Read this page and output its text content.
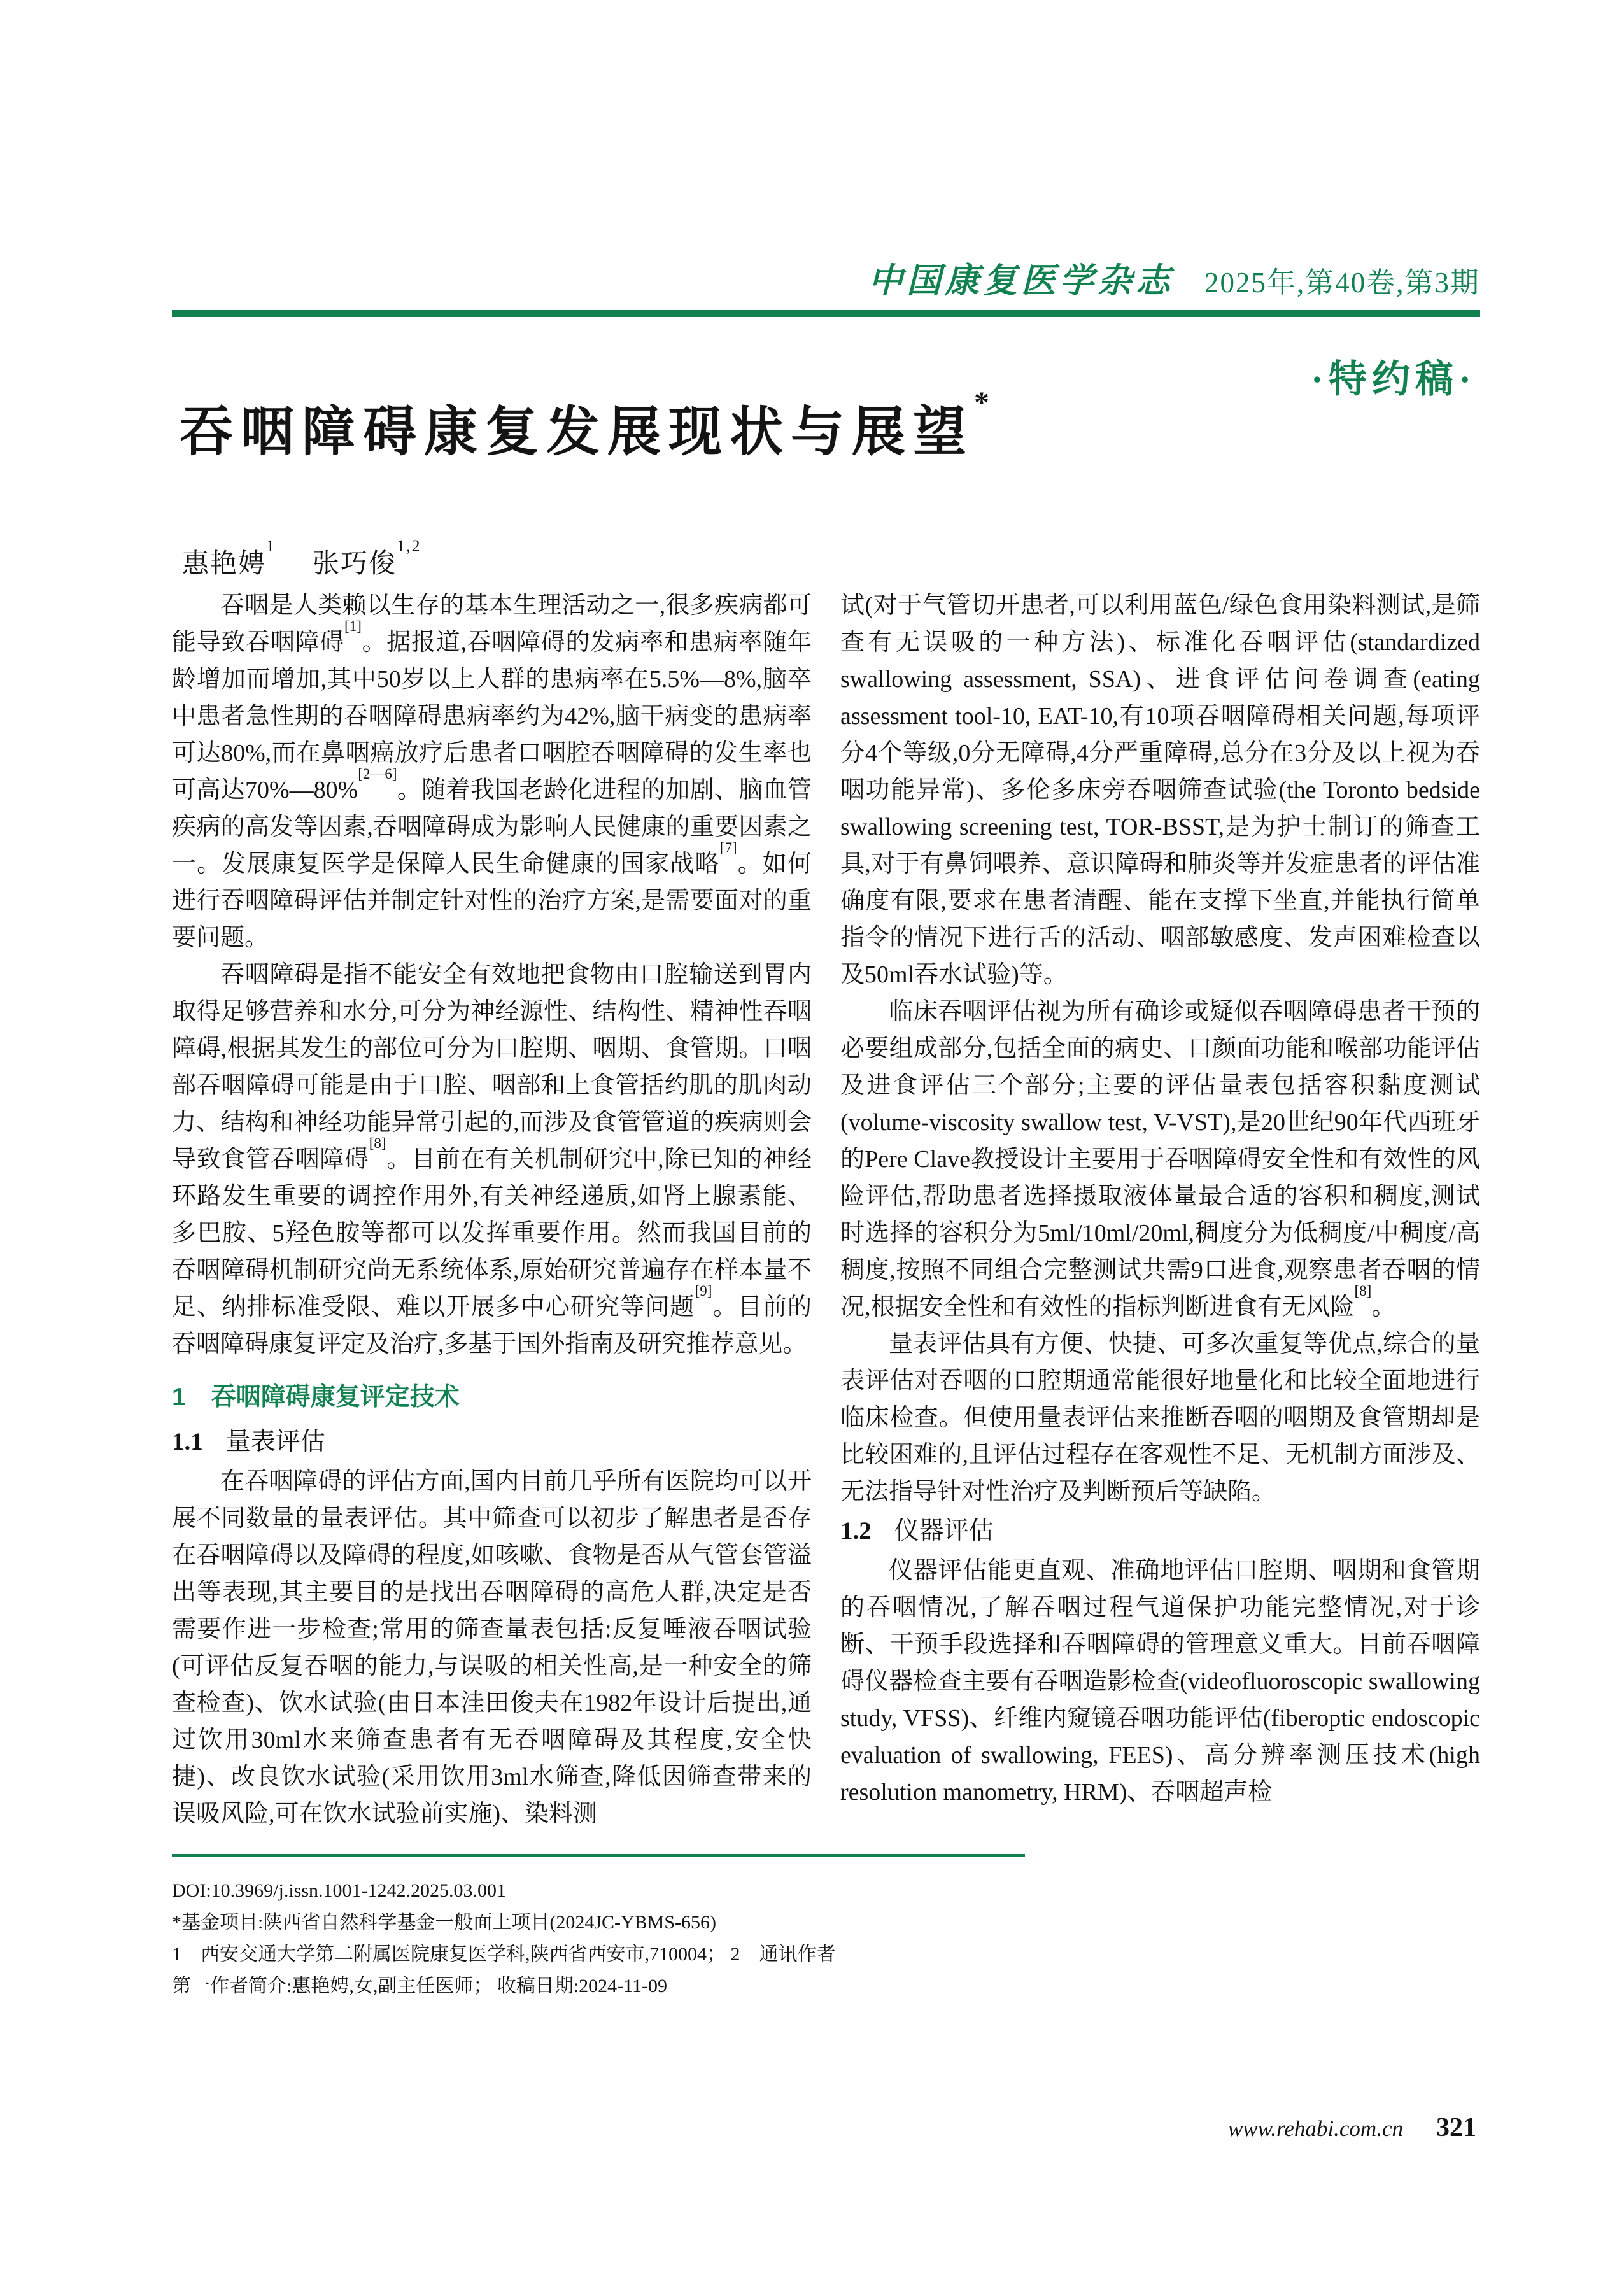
中国康复医学杂志 2025年,第40卷,第3期
·特约稿·
吞咽障碍康复发展现状与展望*
惠艳娉$^1$张巧俊$^{1,2}$

吞咽是人类赖以生存的基本生理活动之一,很多疾病都可能导致吞咽障碍[1]。据报道,吞咽障碍的发病率和患病率随年龄增加而增加,其中50岁以上人群的患病率在5.5%—8%,脑卒中患者急性期的吞咽障碍患病率约为42%,脑干病变的患病率可达80%,而在鼻咽癌放疗后患者口咽腔吞咽障碍的发生率也可高达70%—80%[2—6]。随着我国老龄化进程的加剧、脑血管疾病的高发等因素,吞咽障碍成为影响人民健康的重要因素之一。发展康复医学是保障人民生命健康的国家战略[7]。如何进行吞咽障碍评估并制定针对性的治疗方案,是需要面对的重要问题。

吞咽障碍是指不能安全有效地把食物由口腔输送到胃内取得足够营养和水分,可分为神经源性、结构性、精神性吞咽障碍,根据其发生的部位可分为口腔期、咽期、食管期。口咽部吞咽障碍可能是由于口腔、咽部和上食管括约肌的肌肉动力、结构和神经功能异常引起的,而涉及食管管道的疾病则会导致食管吞咽障碍[8]。目前在有关机制研究中,除已知的神经环路发生重要的调控作用外,有关神经递质,如肾上腺素能、多巴胺、5羟色胺等都可以发挥重要作用。然而我国目前的吞咽障碍机制研究尚无系统体系,原始研究普遍存在样本量不足、纳排标准受限、难以开展多中心研究等问题[9]。目前的吞咽障碍康复评定及治疗,多基于国外指南及研究推荐意见。

1 吞咽障碍康复评定技术
1.1 量表评估

在吞咽障碍的评估方面,国内目前几乎所有医院均可以开展不同数量的量表评估。其中筛查可以初步了解患者是否存在吞咽障碍以及障碍的程度,如咳嗽、食物是否从气管套管溢出等表现,其主要目的是找出吞咽障碍的高危人群,决定是否需要作进一步检查;常用的筛查量表包括:反复唾液吞咽试验(可评估反复吞咽的能力,与误吸的相关性高,是一种安全的筛查检查)、饮水试验(由日本洼田俊夫在1982年设计后提出,通过饮用30ml水来筛查患者有无吞咽障碍及其程度,安全快捷)、改良饮水试验(采用饮用3ml水筛查,降低因筛查带来的误吸风险,可在饮水试验前实施)、染料测

DOI:10.3969/j.issn.1001-1242.2025.03.001

*基金项目:陕西省自然科学基金一般面上项目(2024JC-YBMS-656)

1　西安交通大学第二附属医院康复医学科,陕西省西安市,710004； 2　通讯作者

第一作者简介:惠艳娉,女,副主任医师； 收稿日期:2024-11-09

试(对于气管切开患者,可以利用蓝色/绿色食用染料测试,是筛查有无误吸的一种方法)、标准化吞咽评估(standardized swallowing assessment, SSA)、进食评估问卷调查(eating assessment tool-10, EAT-10,有10项吞咽障碍相关问题,每项评分4个等级,0分无障碍,4分严重障碍,总分在3分及以上视为吞咽功能异常)、多伦多床旁吞咽筛查试验(the Toronto bedside swallowing screening test, TOR-BSST,是为护士制订的筛查工具,对于有鼻饲喂养、意识障碍和肺炎等并发症患者的评估准确度有限,要求在患者清醒、能在支撑下坐直,并能执行简单指令的情况下进行舌的活动、咽部敏感度、发声困难检查以及50ml吞水试验)等。

临床吞咽评估视为所有确诊或疑似吞咽障碍患者干预的必要组成部分,包括全面的病史、口颜面功能和喉部功能评估及进食评估三个部分;主要的评估量表包括容积黏度测试(volume-viscosity swallow test, V-VST),是20世纪90年代西班牙的Pere Clave教授设计主要用于吞咽障碍安全性和有效性的风险评估,帮助患者选择摄取液体量最合适的容积和稠度,测试时选择的容积分为5ml/10ml/20ml,稠度分为低稠度/中稠度/高稠度,按照不同组合完整测试共需9口进食,观察患者吞咽的情况,根据安全性和有效性的指标判断进食有无风险[8]。

量表评估具有方便、快捷、可多次重复等优点,综合的量表评估对吞咽的口腔期通常能很好地量化和比较全面地进行临床检查。但使用量表评估来推断吞咽的咽期及食管期却是比较困难的,且评估过程存在客观性不足、无机制方面涉及、无法指导针对性治疗及判断预后等缺陷。

1.2 仪器评估

仪器评估能更直观、准确地评估口腔期、咽期和食管期的吞咽情况,了解吞咽过程气道保护功能完整情况,对于诊断、干预手段选择和吞咽障碍的管理意义重大。目前吞咽障碍仪器检查主要有吞咽造影检查(videofluoroscopic swallowing study, VFSS)、纤维内窥镜吞咽功能评估(fiberoptic endoscopic evaluation of swallowing, FEES)、高分辨率测压技术(high resolution manometry, HRM)、吞咽超声检

www.rehabi.com.cn 321
